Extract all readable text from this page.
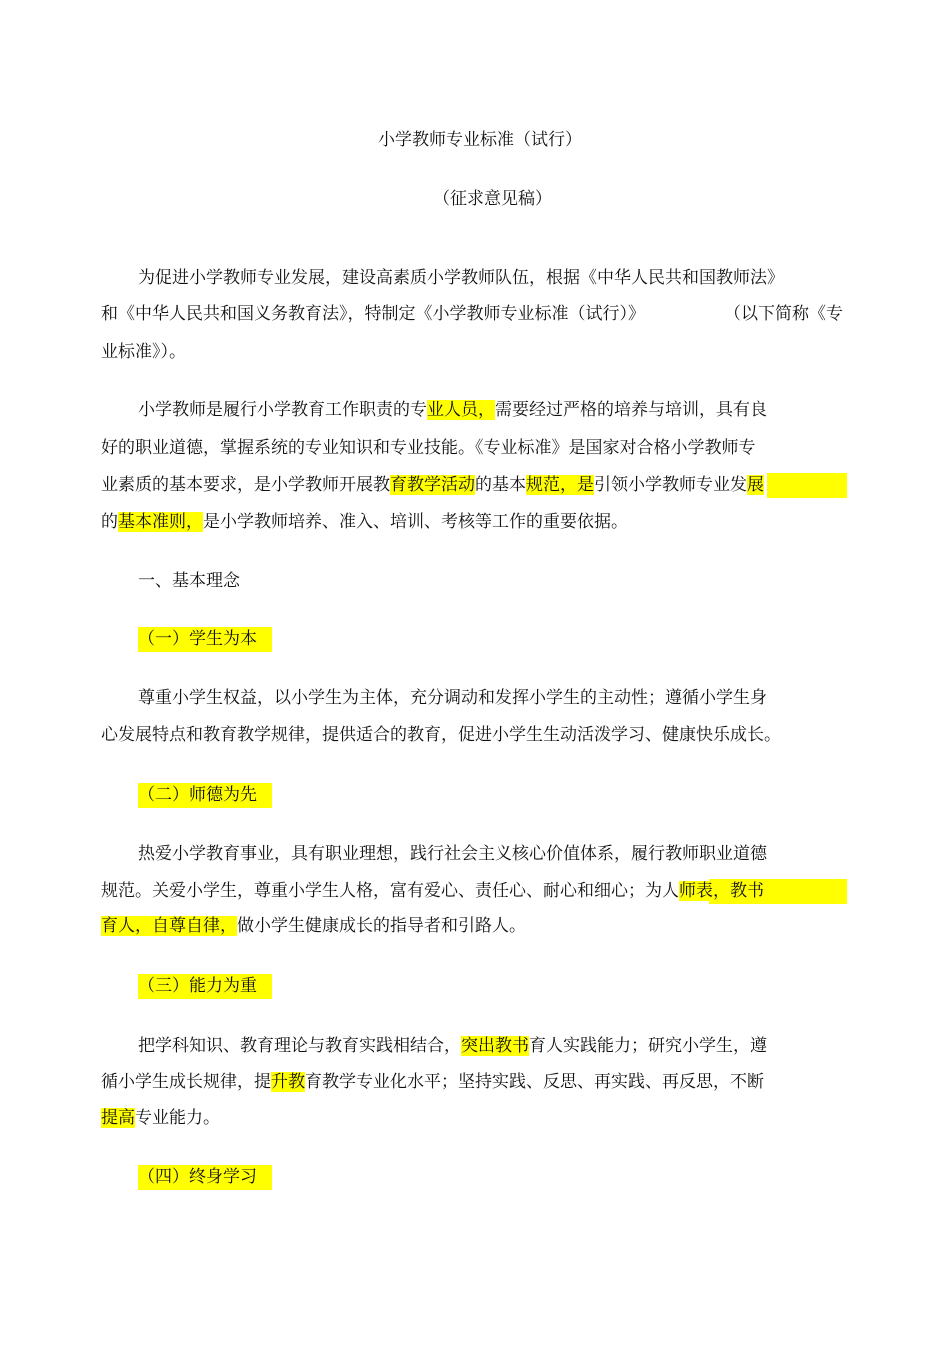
小学教师专业标准（试行）
（征求意见稿）
为促进小学教师专业发展，建设高素质小学教师队伍，根据《中华人民共和国教师法》
和《中华人民共和国义务教育法》，特制定《小学教师专业标准（试行）》	（以下简称《专
业标准》）。
小学教师是履行小学教育工作职责的专业人员，需要经过严格的培养与培训，具有良
好的职业道德，掌握系统的专业知识和专业技能。《专业标准》是国家对合格小学教师专
业素质的基本要求，是小学教师开展教育教学活动的基本规范，是引领小学教师专业发展
的基本准则，是小学教师培养、准入、培训、考核等工作的重要依据。
一、基本理念
（一）学生为本
尊重小学生权益，以小学生为主体，充分调动和发挥小学生的主动性；遵循小学生身
心发展特点和教育教学规律，提供适合的教育，促进小学生生动活泼学习、健康快乐成长。
（二）师德为先
热爱小学教育事业，具有职业理想，践行社会主义核心价值体系，履行教师职业道德
规范。关爱小学生，尊重小学生人格，富有爱心、责任心、耐心和细心；为人师表，教书
育人，自尊自律，做小学生健康成长的指导者和引路人。
（三）能力为重
把学科知识、教育理论与教育实践相结合，突出教书育人实践能力；研究小学生，遵
循小学生成长规律，提升教育教学专业化水平；坚持实践、反思、再实践、再反思，不断
提高专业能力。
（四）终身学习
